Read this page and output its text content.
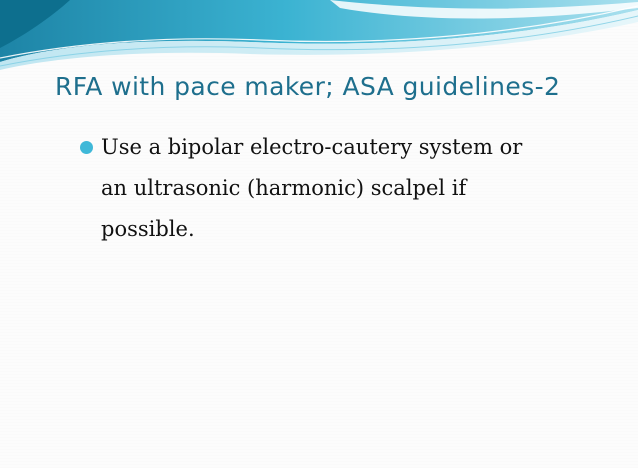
RFA with pace maker; ASA guidelines-2

Use a bipolar electro-cautery system or an ultrasonic (harmonic) scalpel if possible.
